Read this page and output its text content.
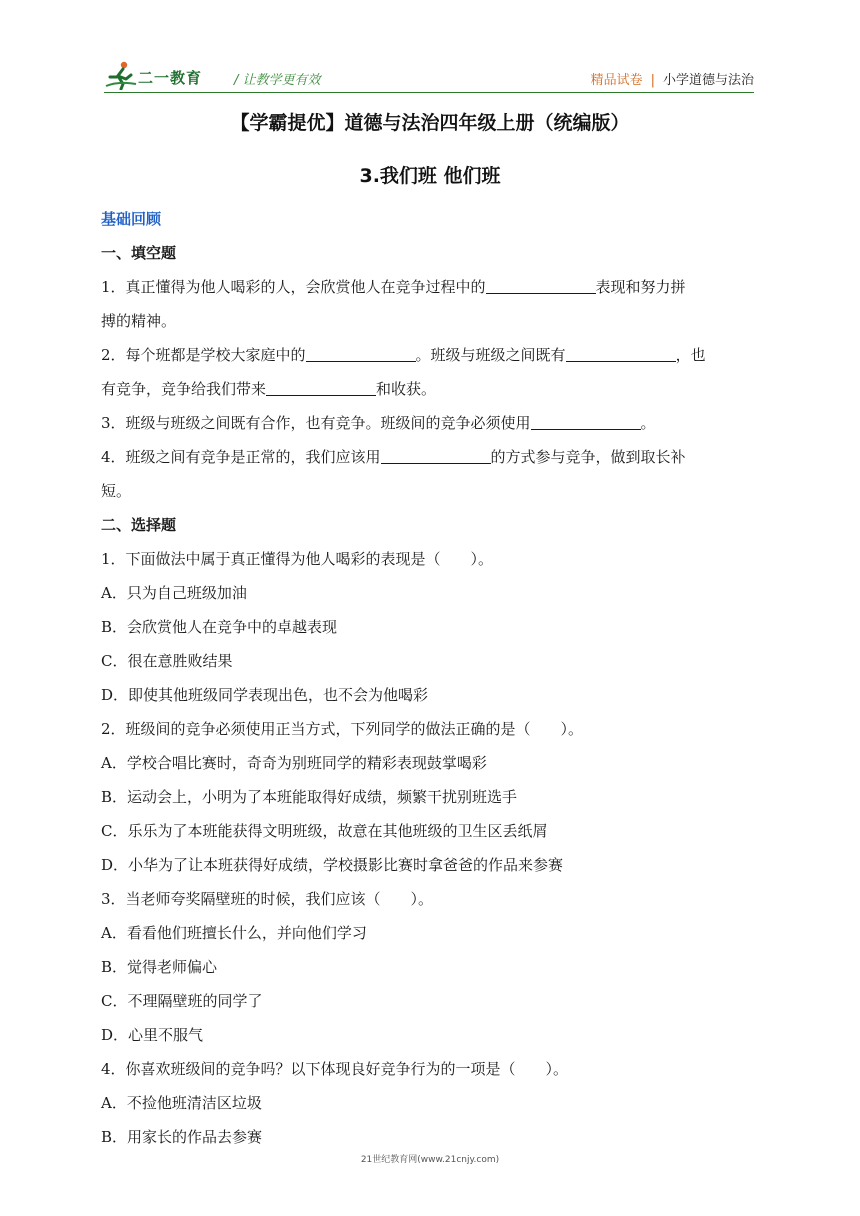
二一教育 / 让教学更有效	精品试卷 | 小学道德与法治
【学霸提优】道德与法治四年级上册（统编版）
3.我们班 他们班
基础回顾
一、填空题
1．真正懂得为他人喝彩的人，会欣赏他人在竞争过程中的	表现和努力拼
搏的精神。
2．每个班都是学校大家庭中的	。班级与班级之间既有	，也
有竞争，竞争给我们带来	和收获。
3．班级与班级之间既有合作，也有竞争。班级间的竞争必须使用	。
4．班级之间有竞争是正常的，我们应该用	的方式参与竞争，做到取长补
短。
二、选择题
1．下面做法中属于真正懂得为他人喝彩的表现是（　　）。
A．只为自己班级加油
B．会欣赏他人在竞争中的卓越表现
C．很在意胜败结果
D．即使其他班级同学表现出色，也不会为他喝彩
2．班级间的竞争必须使用正当方式，下列同学的做法正确的是（　　）。
A．学校合唱比赛时，奇奇为别班同学的精彩表现鼓掌喝彩
B．运动会上，小明为了本班能取得好成绩，频繁干扰别班选手
C．乐乐为了本班能获得文明班级，故意在其他班级的卫生区丢纸屑
D．小华为了让本班获得好成绩，学校摄影比赛时拿爸爸的作品来参赛
3．当老师夸奖隔壁班的时候，我们应该（　　）。
A．看看他们班擅长什么，并向他们学习
B．觉得老师偏心
C．不理隔壁班的同学了
D．心里不服气
4．你喜欢班级间的竞争吗？以下体现良好竞争行为的一项是（　　）。
A．不捡他班清洁区垃圾
B．用家长的作品去参赛
21世纪教育网(www.21cnjy.com)
